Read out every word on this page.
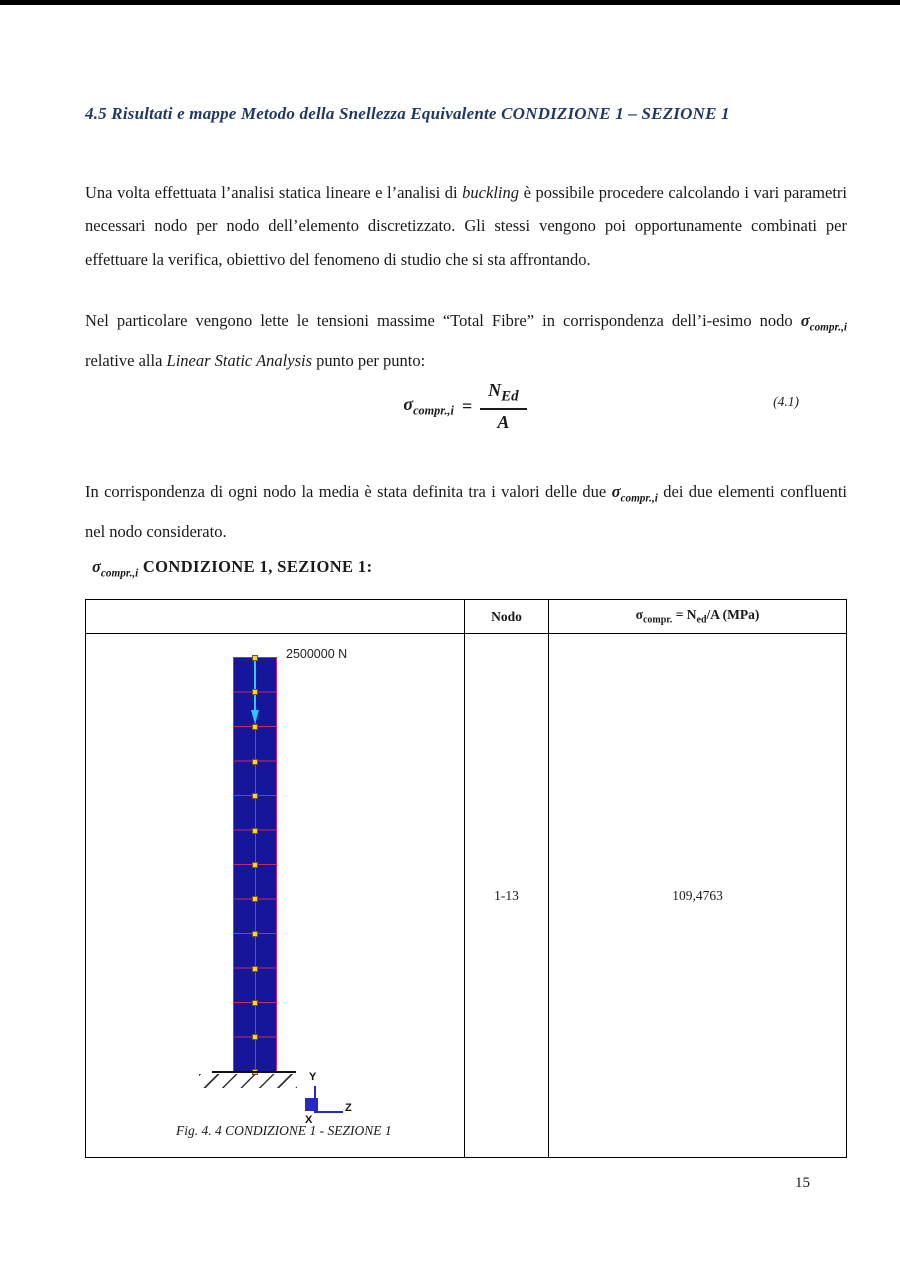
4.5 Risultati e mappe Metodo della Snellezza Equivalente CONDIZIONE 1 – SEZIONE 1

Una volta effettuata l’analisi statica lineare e l’analisi di buckling è possibile procedere calcolando i vari parametri necessari nodo per nodo dell’elemento discretizzato. Gli stessi vengono poi opportunamente combinati per effettuare la verifica, obiettivo del fenomeno di studio che si sta affrontando.

Nel particolare vengono lette le tensioni massime “Total Fibre” in corrispondenza dell’i-esimo nodo $\sigma_{compr.,i}$ relative alla Linear Static Analysis punto per punto:

$\sigma_{compr.,i} = \frac{N_{Ed}}{A}$	(4.1)

In corrispondenza di ogni nodo la media è stata definita tra i valori delle due $\sigma_{compr.,i}$ dei due elementi confluenti nel nodo considerato.

$\sigma_{compr.,i}$ CONDIZIONE 1, SEZIONE 1:
	Nodo	$\sigma_{compr.} = N_{ed}/A$ (MPa)

2500000 N
Y
Z
X
Fig. 4. 4 CONDIZIONE 1 - SEZIONE 1	1-13	109,4763
15
